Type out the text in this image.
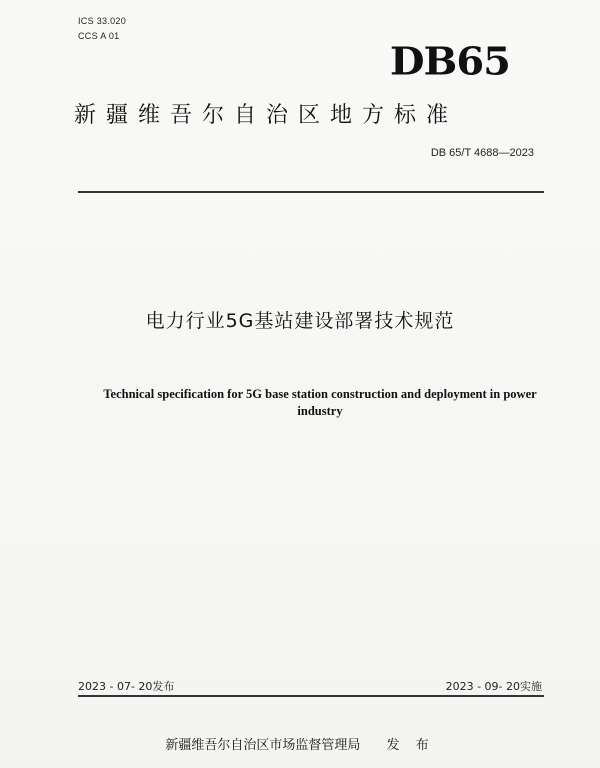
ICS 33.020
CCS A 01
DB65
新疆维吾尔自治区地方标准
DB 65/T 4688—2023
电力行业5G基站建设部署技术规范
Technical specification for 5G base station construction and deployment in power industry
2023 - 07- 20发布	2023 - 09- 20实施
新疆维吾尔自治区市场监督管理局 发 布
